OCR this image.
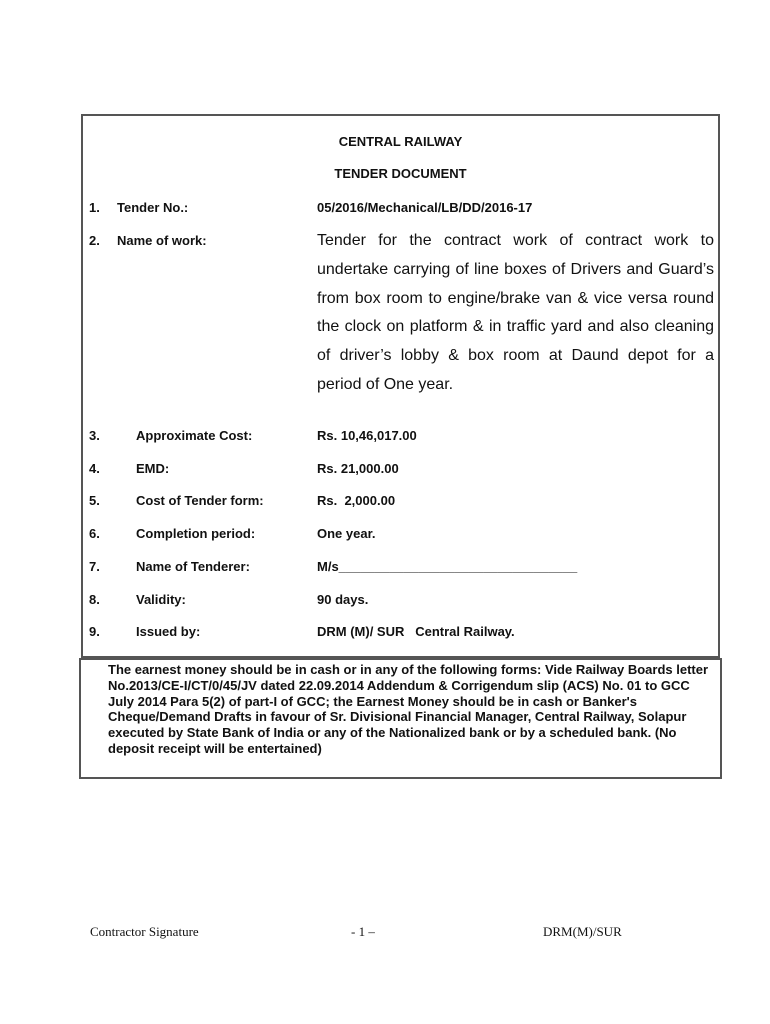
CENTRAL RAILWAY
TENDER DOCUMENT
1. Tender No.:	05/2016/Mechanical/LB/DD/2016-17
2. Name of work:	Tender for the contract work of contract work to undertake carrying of line boxes of Drivers and Guard’s from box room to engine/brake van & vice versa round the clock on platform & in traffic yard and also cleaning of driver’s lobby & box room at Daund depot for a period of One year.
3.	Approximate Cost:	Rs. 10,46,017.00
4.	EMD:	Rs. 21,000.00
5.	Cost of Tender form:	Rs.  2,000.00
6.	Completion period:	One year.
7.	Name of Tenderer:	M/s_________________________________
8.	Validity:	90 days.
9.	Issued by:	DRM (M)/ SUR   Central Railway.
The earnest money should be in cash or in any of the following forms: Vide Railway Boards letter No.2013/CE-I/CT/0/45/JV dated 22.09.2014 Addendum & Corrigendum slip (ACS) No. 01 to GCC July 2014 Para 5(2) of part-I of GCC; the Earnest Money should be in cash or Banker's Cheque/Demand Drafts in favour of Sr. Divisional Financial Manager, Central Railway, Solapur executed by State Bank of India or any of the Nationalized bank or by a scheduled bank. (No deposit receipt will be entertained)
Contractor Signature	- 1 –	DRM(M)/SUR
